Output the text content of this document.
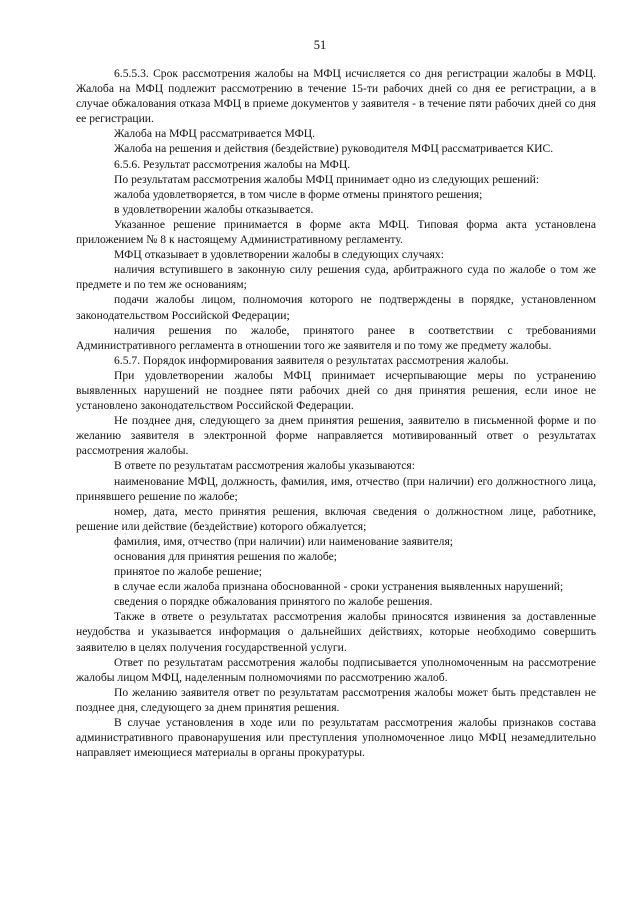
51

6.5.5.3. Срок рассмотрения жалобы на МФЦ исчисляется со дня регистрации жалобы в МФЦ. Жалоба на МФЦ подлежит рассмотрению в течение 15-ти рабочих дней со дня ее регистрации, а в случае обжалования отказа МФЦ в приеме документов у заявителя - в течение пяти рабочих дней со дня ее регистрации.

Жалоба на МФЦ рассматривается МФЦ.

Жалоба на решения и действия (бездействие) руководителя МФЦ рассматривается КИС.

6.5.6. Результат рассмотрения жалобы на МФЦ.

По результатам рассмотрения жалобы МФЦ принимает одно из следующих решений:

жалоба удовлетворяется, в том числе в форме отмены принятого решения;

в удовлетворении жалобы отказывается.

Указанное решение принимается в форме акта МФЦ. Типовая форма акта установлена приложением № 8 к настоящему Административному регламенту.

МФЦ отказывает в удовлетворении жалобы в следующих случаях:

наличия вступившего в законную силу решения суда, арбитражного суда по жалобе о том же предмете и по тем же основаниям;

подачи жалобы лицом, полномочия которого не подтверждены в порядке, установленном законодательством Российской Федерации;

наличия решения по жалобе, принятого ранее в соответствии с требованиями Административного регламента в отношении того же заявителя и по тому же предмету жалобы.

6.5.7. Порядок информирования заявителя о результатах рассмотрения жалобы.

При удовлетворении жалобы МФЦ принимает исчерпывающие меры по устранению выявленных нарушений не позднее пяти рабочих дней со дня принятия решения, если иное не установлено законодательством Российской Федерации.

Не позднее дня, следующего за днем принятия решения, заявителю в письменной форме и по желанию заявителя в электронной форме направляется мотивированный ответ о результатах рассмотрения жалобы.

В ответе по результатам рассмотрения жалобы указываются:

наименование МФЦ, должность, фамилия, имя, отчество (при наличии) его должностного лица, принявшего решение по жалобе;

номер, дата, место принятия решения, включая сведения о должностном лице, работнике, решение или действие (бездействие) которого обжалуется;

фамилия, имя, отчество (при наличии) или наименование заявителя;

основания для принятия решения по жалобе;

принятое по жалобе решение;

в случае если жалоба признана обоснованной - сроки устранения выявленных нарушений;

сведения о порядке обжалования принятого по жалобе решения.

Также в ответе о результатах рассмотрения жалобы приносятся извинения за доставленные неудобства и указывается информация о дальнейших действиях, которые необходимо совершить заявителю в целях получения государственной услуги.

Ответ по результатам рассмотрения жалобы подписывается уполномоченным на рассмотрение жалобы лицом МФЦ, наделенным полномочиями по рассмотрению жалоб.

По желанию заявителя ответ по результатам рассмотрения жалобы может быть представлен не позднее дня, следующего за днем принятия решения.

В случае установления в ходе или по результатам рассмотрения жалобы признаков состава административного правонарушения или преступления уполномоченное лицо МФЦ незамедлительно направляет имеющиеся материалы в органы прокуратуры.
